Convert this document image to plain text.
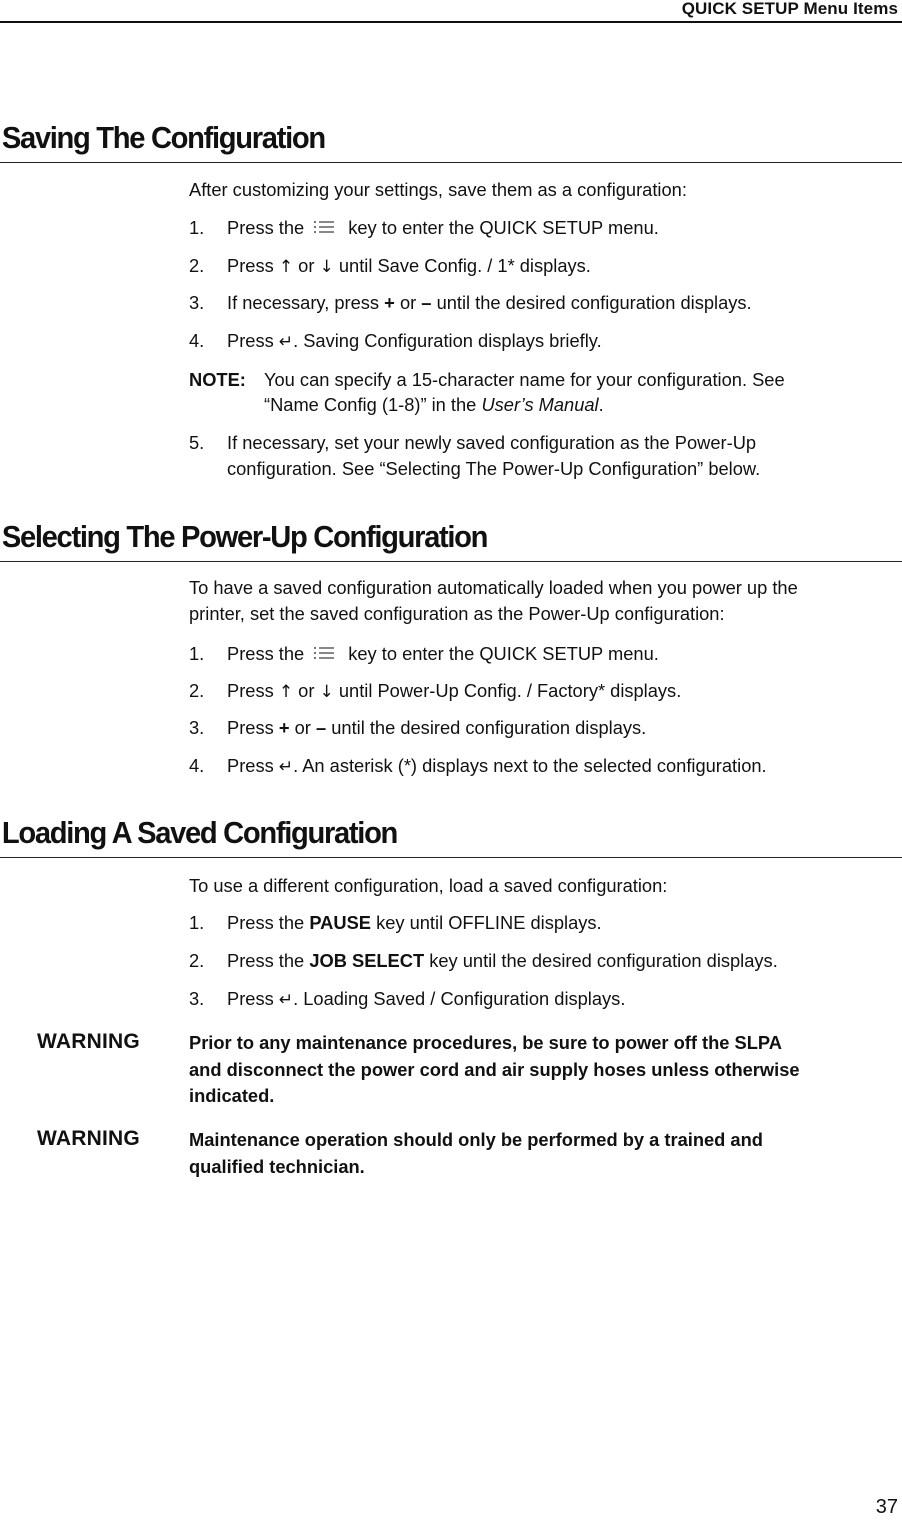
QUICK SETUP Menu Items
Saving The Configuration
After customizing your settings, save them as a configuration:
1.	Press the key to enter the QUICK SETUP menu.
2.	Press ↑ or ↓ until Save Config. / 1* displays.
3.	If necessary, press + or – until the desired configuration displays.
4.	Press ↵. Saving Configuration displays briefly.
NOTE: You can specify a 15-character name for your configuration. See
“Name Config (1-8)” in the User’s Manual.
5.	If necessary, set your newly saved configuration as the Power-Up
configuration. See “Selecting The Power-Up Configuration” below.
Selecting The Power-Up Configuration
To have a saved configuration automatically loaded when you power up the
printer, set the saved configuration as the Power-Up configuration:
1.	Press the key to enter the QUICK SETUP menu.
2.	Press ↑ or ↓ until Power-Up Config. / Factory* displays.
3.	Press + or – until the desired configuration displays.
4.	Press ↵. An asterisk (*) displays next to the selected configuration.
Loading A Saved Configuration
To use a different configuration, load a saved configuration:
1.	Press the PAUSE key until OFFLINE displays.
2.	Press the JOB SELECT key until the desired configuration displays.
3.	Press ↵. Loading Saved / Configuration displays.
WARNING	Prior to any maintenance procedures, be sure to power off the SLPA
and disconnect the power cord and air supply hoses unless otherwise
indicated.
WARNING	Maintenance operation should only be performed by a trained and
qualified technician.
37
